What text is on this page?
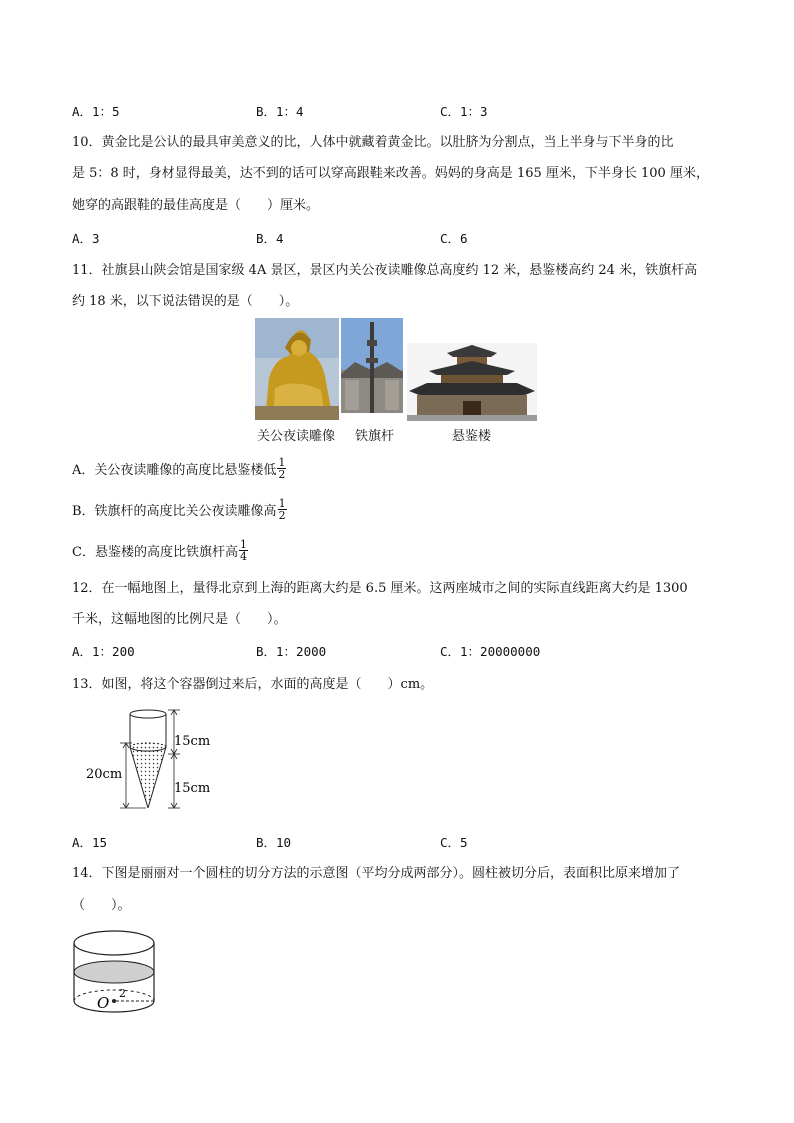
A．1：5	B．1：4	C．1：3
10．黄金比是公认的最具审美意义的比，人体中就藏着黄金比。以肚脐为分割点，当上半身与下半身的比
是 5：8 时，身材显得最美，达不到的话可以穿高跟鞋来改善。妈妈的身高是 165 厘米，下半身长 100 厘米，
她穿的高跟鞋的最佳高度是（　　）厘米。
A．3	B．4	C．6
11．社旗县山陕会馆是国家级 4A 景区，景区内关公夜读雕像总高度约 12 米，悬鉴楼高约 24 米，铁旗杆高
约 18 米，以下说法错误的是（　　）。
关公夜读雕像 铁旗杆	悬鉴楼
A．关公夜读雕像的高度比悬鉴楼低 $\frac{1}{2}$
B．铁旗杆的高度比关公夜读雕像高 $\frac{1}{2}$
C．悬鉴楼的高度比铁旗杆高 $\frac{1}{4}$
12．在一幅地图上，量得北京到上海的距离大约是 6.5 厘米。这两座城市之间的实际直线距离大约是 1300
千米，这幅地图的比例尺是（　　）。
A．1：200	B．1：2000	C．1：20000000
13．如图，将这个容器倒过来后，水面的高度是（　　）cm。
15cm
15cm
20cm
A．15	B．10	C．5
14．下图是丽丽对一个圆柱的切分方法的示意图（平均分成两部分）。圆柱被切分后，表面积比原来增加了
（　　）。
O
2
